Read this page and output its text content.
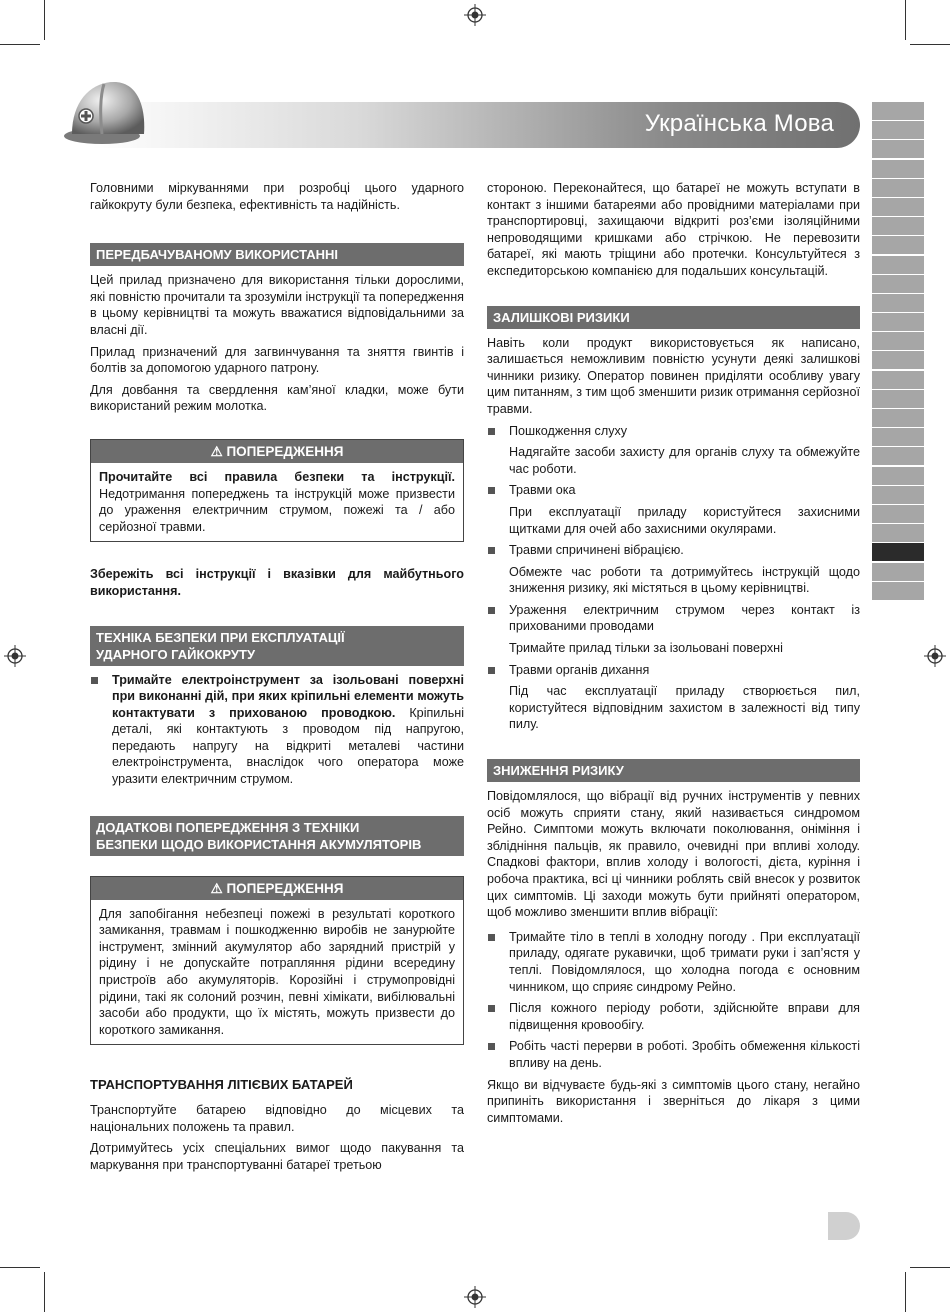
Українська Мова

Головними міркуваннями при розробці цього ударного гайкокруту були безпека, ефективність та надійність.

ПЕРЕДБАЧУВАНОМУ ВИКОРИСТАННІ

Цей прилад призначено для використання тільки дорослими, які повністю прочитали та зрозуміли інструкції та попередження в цьому керівництві та можуть вважатися відповідальними за власні дії.

Прилад призначений для загвинчування та зняття гвинтів і болтів за допомогою ударного патрону.

Для довбання та свердлення кам’яної кладки, може бути використаний режим молотка.

⚠ ПОПЕРЕДЖЕННЯ
Прочитайте всі правила безпеки та інструкції. Недотримання попереджень та інструкцій може призвести до ураження електричним струмом, пожежі та / або серйозної травми.

Збережіть всі інструкції і вказівки для майбутнього використання.

ТЕХНІКА БЕЗПЕКИ ПРИ ЕКСПЛУАТАЦІЇ
УДАРНОГО ГАЙКОКРУТУ
Тримайте електроінструмент за ізольовані поверхні при виконанні дій, при яких кріпильні елементи можуть контактувати з прихованою проводкою. Кріпильні деталі, які контактують з проводом під напругою, передають напругу на відкриті металеві частини електроінструмента, внаслідок чого оператора може уразити електричним струмом.
ДОДАТКОВІ ПОПЕРЕДЖЕННЯ З ТЕХНІКИ
БЕЗПЕКИ ЩОДО ВИКОРИСТАННЯ АКУМУЛЯТОРІВ
⚠ ПОПЕРЕДЖЕННЯ
Для запобігання небезпеці пожежі в результаті короткого замикання, травмам і пошкодженню виробів не занурюйте інструмент, змінний акумулятор або зарядний пристрій у рідину і не допускайте потрапляння рідини всередину пристроїв або акумуляторів. Корозійні і струмопровідні рідини, такі як солоний розчин, певні хімікати, вибілювальні засоби або продукти, що їх містять, можуть призвести до короткого замикання.
ТРАНСПОРТУВАННЯ ЛІТІЄВИХ БАТАРЕЙ

Транспортуйте батарею відповідно до місцевих та національних положень та правил.

Дотримуйтесь усіх спеціальних вимог щодо пакування та маркування при транспортуванні батареї третьою

стороною. Переконайтеся, що батареї не можуть вступати в контакт з іншими батареями або провідними матеріалами при транспортировці, захищаючи відкриті роз’єми ізоляційними непроводящими кришками або стрічкою. Не перевозити батареї, які мають тріщини або протечки. Консультуйтеся з експедиторською компанією для подальших консультацій.

ЗАЛИШКОВІ РИЗИКИ

Навіть коли продукт використовується як написано, залишається неможливим повністю усунути деякі залишкові чинники ризику. Оператор повинен приділяти особливу увагу цим питанням, з тим щоб зменшити ризик отримання серйозної травми.

Пошкодження слуху
Надягайте засоби захисту для органів слуху та обмежуйте час роботи.
Травми ока
При експлуатації приладу користуйтеся захисними щитками для очей або захисними окулярами.
Травми спричинені вібрацією.
Обмежте час роботи та дотримуйтесь інструкцій щодо зниження ризику, які містяться в цьому керівництві.
Ураження електричним струмом через контакт із прихованими проводами
Тримайте прилад тільки за ізольовані поверхні
Травми органів дихання
Під час експлуатації приладу створюється пил, користуйтеся відповідним захистом в залежності від типу пилу.
ЗНИЖЕННЯ РИЗИКУ

Повідомлялося, що вібрації від ручних інструментів у певних осіб можуть сприяти стану, який називається синдромом Рейно. Симптоми можуть включати поколювання, оніміння і зблідніння пальців, як правило, очевидні при впливі холоду. Спадкові фактори, вплив холоду і вологості, дієта, куріння і робоча практика, всі ці чинники роблять свій внесок у розвиток цих симптомів. Ці заходи можуть бути прийняті оператором, щоб можливо зменшити вплив вібрації:

Тримайте тіло в теплі в холодну погоду . При експлуатації приладу, одягате рукавички, щоб тримати руки і зап’ястя у теплі. Повідомлялося, що холодна погода є основним чинником, що сприяє синдрому Рейно.
Після кожного періоду роботи, здійснюйте вправи для підвищення кровообігу.
Робіть часті перерви в роботі. Зробіть обмеження кількості впливу на день.

Якщо ви відчуваєте будь-які з симптомів цього стану, негайно припиніть використання і зверніться до лікаря з цими симптомами.
